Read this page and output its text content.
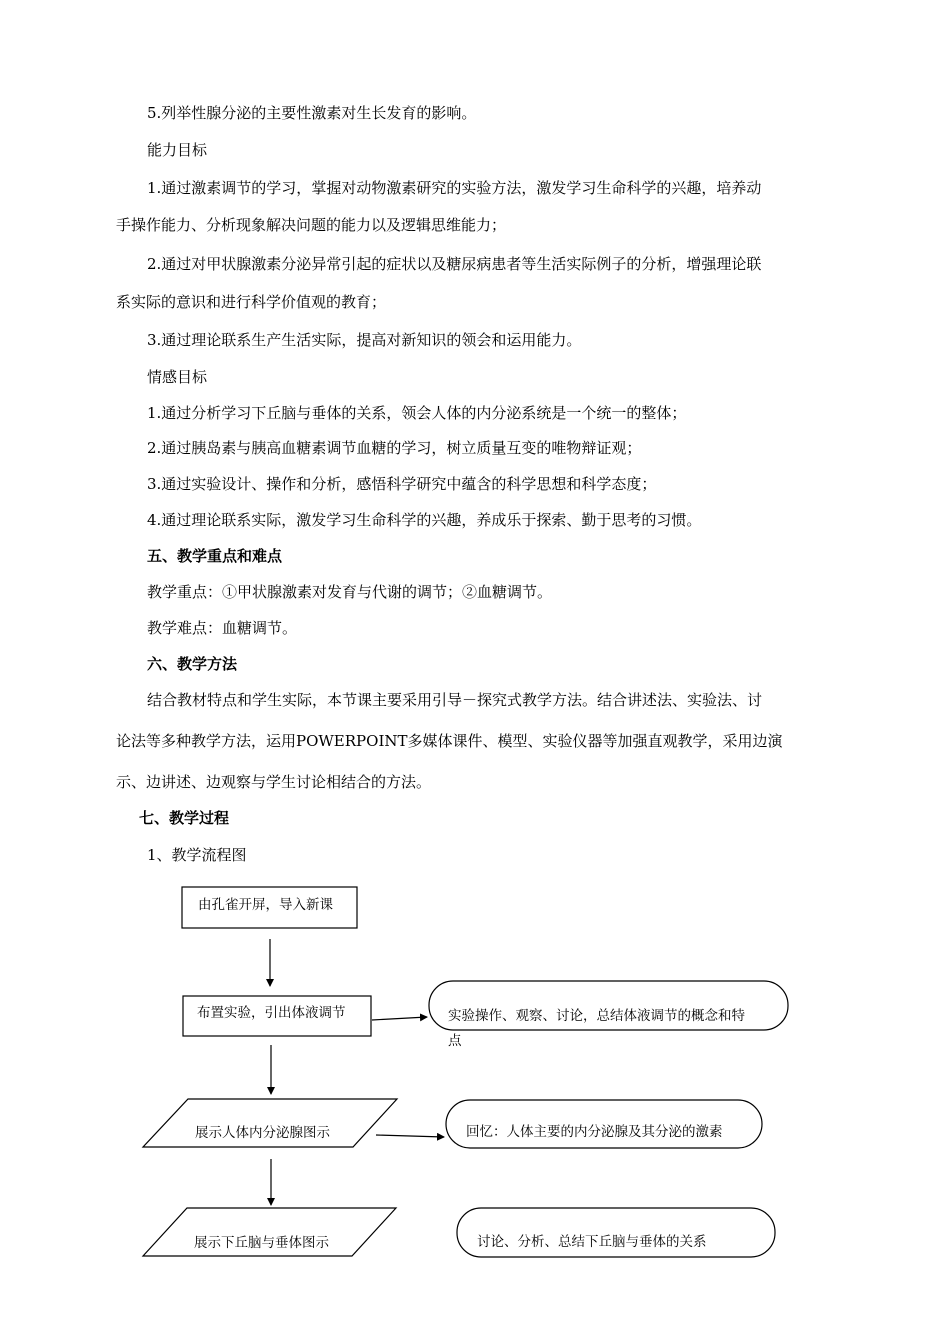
5.列举性腺分泌的主要性激素对生长发育的影响。
能力目标
1.通过激素调节的学习，掌握对动物激素研究的实验方法，激发学习生命科学的兴趣，培养动
手操作能力、分析现象解决问题的能力以及逻辑思维能力；
2.通过对甲状腺激素分泌异常引起的症状以及糖尿病患者等生活实际例子的分析，增强理论联
系实际的意识和进行科学价值观的教育；
3.通过理论联系生产生活实际，提高对新知识的领会和运用能力。
情感目标
1.通过分析学习下丘脑与垂体的关系，领会人体的内分泌系统是一个统一的整体；
2.通过胰岛素与胰高血糖素调节血糖的学习，树立质量互变的唯物辩证观；
3.通过实验设计、操作和分析，感悟科学研究中蕴含的科学思想和科学态度；
4.通过理论联系实际，激发学习生命科学的兴趣，养成乐于探索、勤于思考的习惯。
五、教学重点和难点
教学重点：①甲状腺激素对发育与代谢的调节；②血糖调节。
教学难点：血糖调节。
六、教学方法
结合教材特点和学生实际，本节课主要采用引导－探究式教学方法。结合讲述法、实验法、讨
论法等多种教学方法，运用POWERPOINT多媒体课件、模型、实验仪器等加强直观教学，采用边演
示、边讲述、边观察与学生讨论相结合的方法。
七、教学过程
1、教学流程图
由孔雀开屏，导入新课
布置实验，引出体液调节	实验操作、观察、讨论，总结体液调节的概念和特
点
展示人体内分泌腺图示	回忆：人体主要的内分泌腺及其分泌的激素
展示下丘脑与垂体图示	讨论、分析、总结下丘脑与垂体的关系
